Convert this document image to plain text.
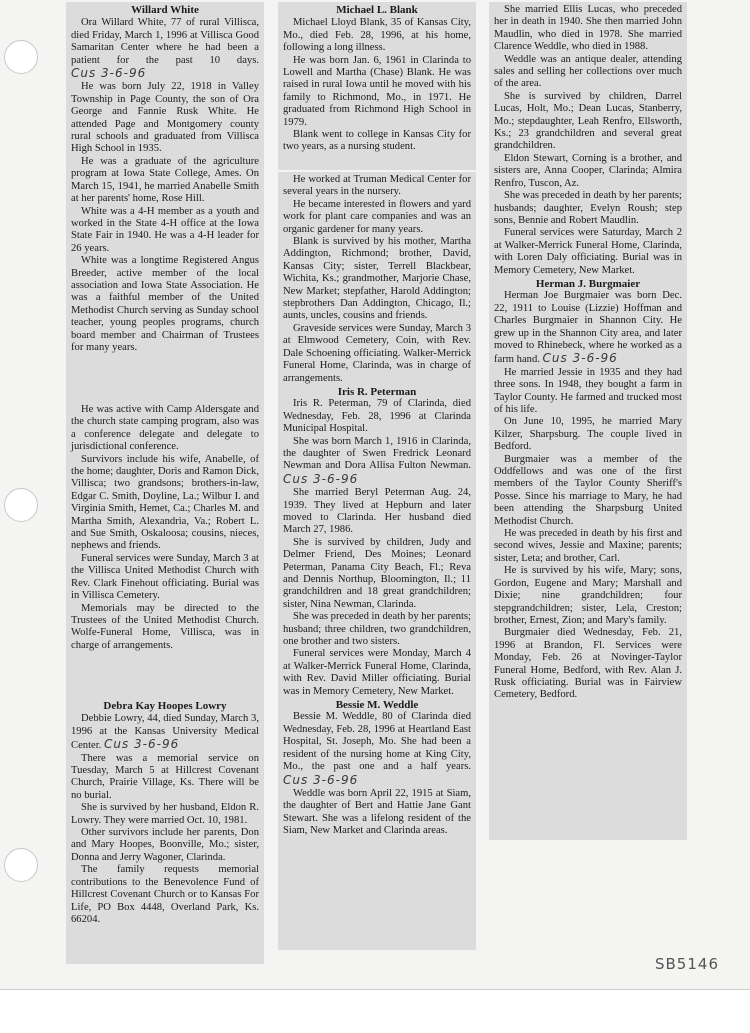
Willard White

Ora Willard White, 77 of rural Villisca, died Friday, March 1, 1996 at Villisca Good Samaritan Center where he had been a patient for the past 10 days. Cus 3-6-96

He was born July 22, 1918 in Valley Township in Page County, the son of Ora George and Fannie Rusk White. He attended Page and Montgomery county rural schools and graduated from Villisca High School in 1935.

He was a graduate of the agriculture program at Iowa State College, Ames. On March 15, 1941, he married Anabelle Smith at her parents' home, Rose Hill.

White was a 4-H member as a youth and worked in the State 4-H office at the Iowa State Fair in 1940. He was a 4-H leader for 26 years.

White was a longtime Registered Angus Breeder, active member of the local association and Iowa State Association. He was a faithful member of the United Methodist Church serving as Sunday school teacher, young peoples programs, church board member and Chairman of Trustees for many years.

He was active with Camp Aldersgate and the church state camping program, also was a conference delegate and delegate to jurisdictional conference.

Survivors include his wife, Anabelle, of the home; daughter, Doris and Ramon Dick, Villisca; two grandsons; brothers-in-law, Edgar C. Smith, Doyline, La.; Wilbur I. and Virginia Smith, Hemet, Ca.; Charles M. and Martha Smith, Alexandria, Va.; Robert L. and Sue Smith, Oskaloosa; cousins, nieces, nephews and friends.

Funeral services were Sunday, March 3 at the Villisca United Methodist Church with Rev. Clark Finehout officiating. Burial was in Villisca Cemetery.

Memorials may be directed to the Trustees of the United Methodist Church. Wolfe-Funeral Home, Villisca, was in charge of arrangements.

Debra Kay Hoopes Lowry

Debbie Lowry, 44, died Sunday, March 3, 1996 at the Kansas University Medical Center. Cus 3-6-96

There was a memorial service on Tuesday, March 5 at Hillcrest Covenant Church, Prairie Village, Ks. There will be no burial.

She is survived by her husband, Eldon R. Lowry. They were married Oct. 10, 1981.

Other survivors include her parents, Don and Mary Hoopes, Boonville, Mo.; sister, Donna and Jerry Wagoner, Clarinda.

The family requests memorial contributions to the Benevolence Fund of Hillcrest Covenant Church or to Kansas For Life, PO Box 4448, Overland Park, Ks. 66204.

Michael L. Blank

Michael Lloyd Blank, 35 of Kansas City, Mo., died Feb. 28, 1996, at his home, following a long illness.

He was born Jan. 6, 1961 in Clarinda to Lowell and Martha (Chase) Blank. He was raised in rural Iowa until he moved with his family to Richmond, Mo., in 1971. He graduated from Richmond High School in 1979.

Blank went to college in Kansas City for two years, as a nursing student.

He worked at Truman Medical Center for several years in the nursery.

He became interested in flowers and yard work for plant care companies and was an organic gardener for many years.

Blank is survived by his mother, Martha Addington, Richmond; brother, David, Kansas City; sister, Terrell Blackbear, Wichita, Ks.; grandmother, Marjorie Chase, New Market; stepfather, Harold Addington; stepbrothers Dan Addington, Chicago, Il.; aunts, uncles, cousins and friends.

Graveside services were Sunday, March 3 at Elmwood Cemetery, Coin, with Rev. Dale Schoening officiating. Walker-Merrick Funeral Home, Clarinda, was in charge of arrangements.

Iris R. Peterman

Iris R. Peterman, 79 of Clarinda, died Wednesday, Feb. 28, 1996 at Clarinda Municipal Hospital.

She was born March 1, 1916 in Clarinda, the daughter of Swen Fredrick Leonard Newman and Dora Allisa Fulton Newman. Cus 3-6-96

She married Beryl Peterman Aug. 24, 1939. They lived at Hepburn and later moved to Clarinda. Her husband died March 27, 1986.

She is survived by children, Judy and Delmer Friend, Des Moines; Leonard Peterman, Panama City Beach, Fl.; Reva and Dennis Northup, Bloomington, Il.; 11 grandchildren and 18 great grandchildren; sister, Nina Newman, Clarinda.

She was preceded in death by her parents; husband; three children, two grandchildren, one brother and two sisters.

Funeral services were Monday, March 4 at Walker-Merrick Funeral Home, Clarinda, with Rev. David Miller officiating. Burial was in Memory Cemetery, New Market.

Bessie M. Weddle

Bessie M. Weddle, 80 of Clarinda died Wednesday, Feb. 28, 1996 at Heartland East Hospital, St. Joseph, Mo. She had been a resident of the nursing home at King City, Mo., the past one and a half years. Cus 3-6-96

Weddle was born April 22, 1915 at Siam, the daughter of Bert and Hattie Jane Gant Stewart. She was a lifelong resident of the Siam, New Market and Clarinda areas.

She married Ellis Lucas, who preceded her in death in 1940. She then married John Maudlin, who died in 1978. She married Clarence Weddle, who died in 1988.

Weddle was an antique dealer, attending sales and selling her collections over much of the area.

She is survived by children, Darrel Lucas, Holt, Mo.; Dean Lucas, Stanberry, Mo.; stepdaughter, Leah Renfro, Ellsworth, Ks.; 23 grandchildren and several great grandchildren.

Eldon Stewart, Corning is a brother, and sisters are, Anna Cooper, Clarinda; Almira Renfro, Tuscon, Az.

She was preceded in death by her parents; husbands; daughter, Evelyn Roush; step sons, Bennie and Robert Maudlin.

Funeral services were Saturday, March 2 at Walker-Merrick Funeral Home, Clarinda, with Loren Daly officiating. Burial was in Memory Cemetery, New Market.

Herman J. Burgmaier

Herman Joe Burgmaier was born Dec. 22, 1911 to Louise (Lizzie) Hoffman and Charles Burgmaier in Shannon City. He grew up in the Shannon City area, and later moved to Rhinebeck, where he worked as a farm hand. Cus 3-6-96

He married Jessie in 1935 and they had three sons. In 1948, they bought a farm in Taylor County. He farmed and trucked most of his life.

On June 10, 1995, he married Mary Kilzer, Sharpsburg. The couple lived in Bedford.

Burgmaier was a member of the Oddfellows and was one of the first members of the Taylor County Sheriff's Posse. Since his marriage to Mary, he had been attending the Sharpsburg United Methodist Church.

He was preceded in death by his first and second wives, Jessie and Maxine; parents; sister, Leta; and brother, Carl.

He is survived by his wife, Mary; sons, Gordon, Eugene and Mary; Marshall and Dixie; nine grandchildren; four stepgrandchildren; sister, Lela, Creston; brother, Ernest, Zion; and Mary's family.

Burgmaier died Wednesday, Feb. 21, 1996 at Brandon, Fl. Services were Monday, Feb. 26 at Novinger-Taylor Funeral Home, Bedford, with Rev. Alan J. Rusk officiating. Burial was in Fairview Cemetery, Bedford.

SB5146
